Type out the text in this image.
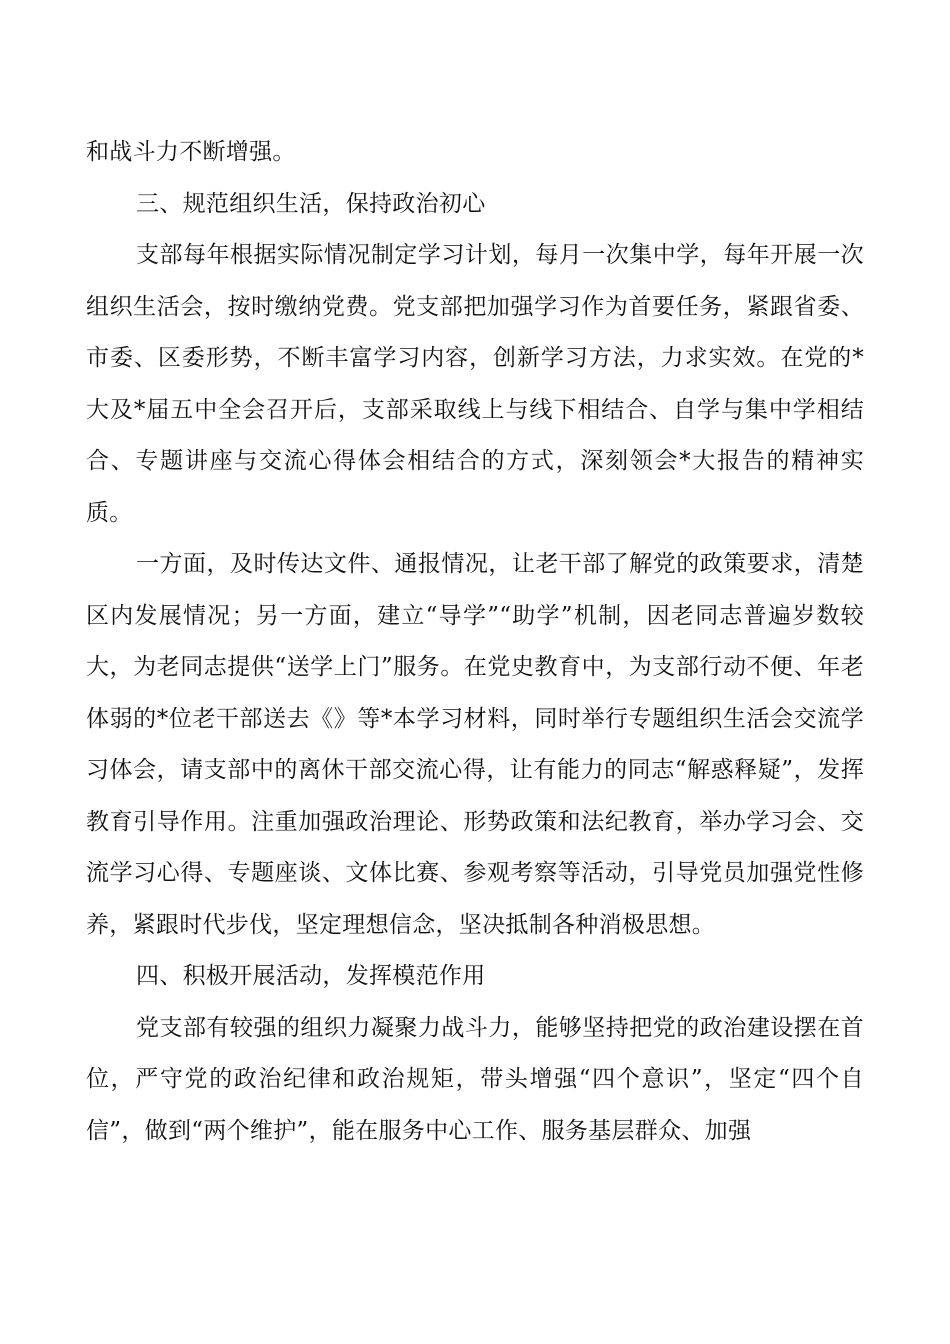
和战斗力不断增强。

三、规范组织生活，保持政治初心

支部每年根据实际情况制定学习计划，每月一次集中学，每年开展一次组织生活会，按时缴纳党费。党支部把加强学习作为首要任务，紧跟省委、市委、区委形势，不断丰富学习内容，创新学习方法，力求实效。在党的*大及*届五中全会召开后，支部采取线上与线下相结合、自学与集中学相结合、专题讲座与交流心得体会相结合的方式，深刻领会*大报告的精神实质。

一方面，及时传达文件、通报情况，让老干部了解党的政策要求，清楚区内发展情况；另一方面，建立“导学”“助学”机制，因老同志普遍岁数较大，为老同志提供“送学上门”服务。在党史教育中，为支部行动不便、年老体弱的*位老干部送去《》等*本学习材料，同时举行专题组织生活会交流学习体会，请支部中的离休干部交流心得，让有能力的同志“解惑释疑”，发挥教育引导作用。注重加强政治理论、形势政策和法纪教育，举办学习会、交流学习心得、专题座谈、文体比赛、参观考察等活动，引导党员加强党性修养，紧跟时代步伐，坚定理想信念，坚决抵制各种消极思想。

四、积极开展活动，发挥模范作用

党支部有较强的组织力凝聚力战斗力，能够坚持把党的政治建设摆在首位，严守党的政治纪律和政治规矩，带头增强“四个意识”，坚定“四个自信”，做到“两个维护”，能在服务中心工作、服务基层群众、加强
